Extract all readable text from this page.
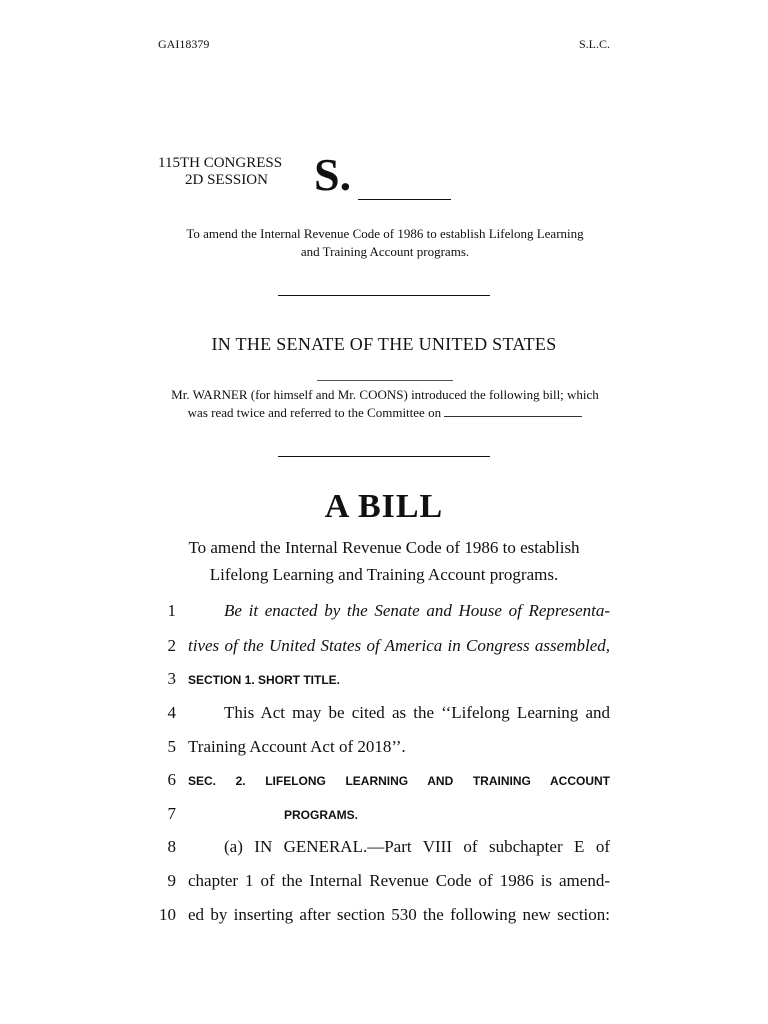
GAI18379	S.L.C.
115TH CONGRESS
2D SESSION	S.
To amend the Internal Revenue Code of 1986 to establish Lifelong Learning
and Training Account programs.
IN THE SENATE OF THE UNITED STATES
Mr. WARNER (for himself and Mr. COONS) introduced the following bill; which
was read twice and referred to the Committee on
A BILL
To amend the Internal Revenue Code of 1986 to establish
Lifelong Learning and Training Account programs.
1	Be it enacted by the Senate and House of Representa-
2 tives of the United States of America in Congress assembled,
3 SECTION 1. SHORT TITLE.
4	This Act may be cited as the ‘‘Lifelong Learning and
5 Training Account Act of 2018’’.
6 SEC. 2. LIFELONG LEARNING AND TRAINING ACCOUNT
7	PROGRAMS.
8	(a) IN GENERAL.—Part VIII of subchapter E of
9 chapter 1 of the Internal Revenue Code of 1986 is amend-
10 ed by inserting after section 530 the following new section:
